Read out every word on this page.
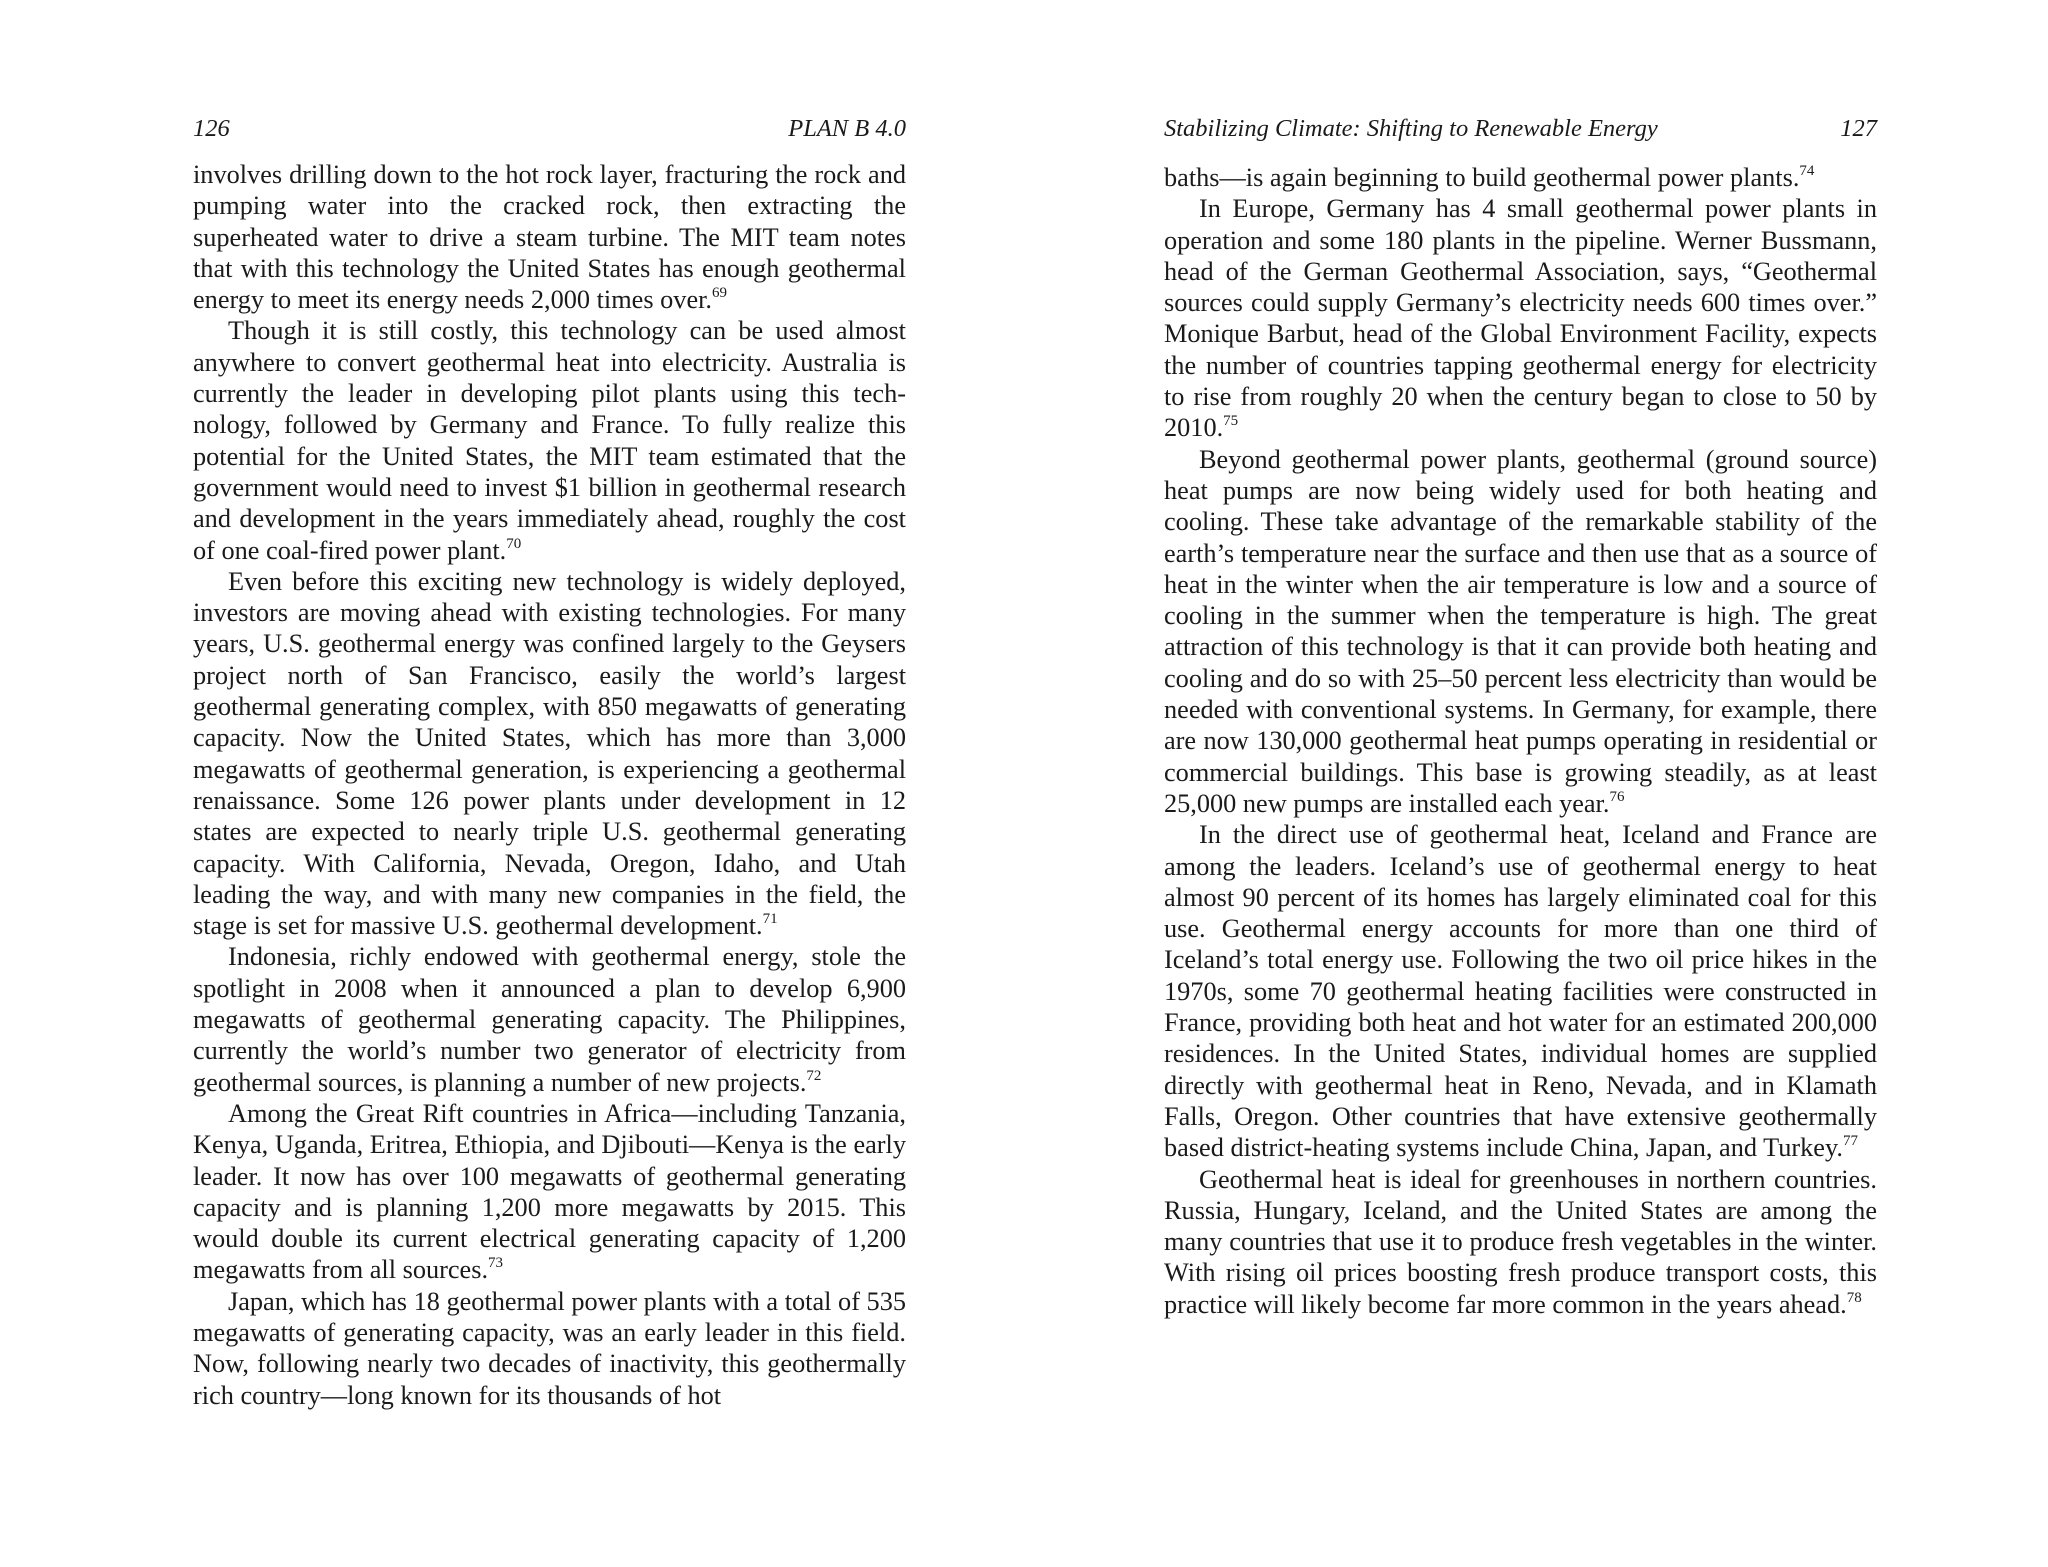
126	PLAN B 4.0

involves drilling down to the hot rock layer, fracturing the rock and pumping water into the cracked rock, then extracting the superheated water to drive a steam turbine. The MIT team notes that with this technology the United States has enough geothermal energy to meet its energy needs 2,000 times over.$^{69}$

Though it is still costly, this technology can be used almost anywhere to convert geothermal heat into electricity. Australia is currently the leader in developing pilot plants using this technology, followed by Germany and France. To fully realize this potential for the United States, the MIT team estimated that the government would need to invest $1 billion in geothermal research and development in the years immediately ahead, roughly the cost of one coal-fired power plant.$^{70}$

Even before this exciting new technology is widely deployed, investors are moving ahead with existing technologies. For many years, U.S. geothermal energy was confined largely to the Geysers project north of San Francisco, easily the world’s largest geothermal generating complex, with 850 megawatts of generating capacity. Now the United States, which has more than 3,000 megawatts of geothermal generation, is experiencing a geothermal renaissance. Some 126 power plants under development in 12 states are expected to nearly triple U.S. geothermal generating capacity. With California, Nevada, Oregon, Idaho, and Utah leading the way, and with many new companies in the field, the stage is set for massive U.S. geothermal development.$^{71}$

Indonesia, richly endowed with geothermal energy, stole the spotlight in 2008 when it announced a plan to develop 6,900 megawatts of geothermal generating capacity. The Philippines, currently the world’s number two generator of electricity from geothermal sources, is planning a number of new projects.$^{72}$

Among the Great Rift countries in Africa—including Tanzania, Kenya, Uganda, Eritrea, Ethiopia, and Djibouti—Kenya is the early leader. It now has over 100 megawatts of geothermal generating capacity and is planning 1,200 more megawatts by 2015. This would double its current electrical generating capacity of 1,200 megawatts from all sources.$^{73}$

Japan, which has 18 geothermal power plants with a total of 535 megawatts of generating capacity, was an early leader in this field. Now, following nearly two decades of inactivity, this geothermally rich country—long known for its thousands of hot

Stabilizing Climate: Shifting to Renewable Energy	127

baths—is again beginning to build geothermal power plants.$^{74}$

In Europe, Germany has 4 small geothermal power plants in operation and some 180 plants in the pipeline. Werner Bussmann, head of the German Geothermal Association, says, “Geothermal sources could supply Germany’s electricity needs 600 times over.” Monique Barbut, head of the Global Environment Facility, expects the number of countries tapping geothermal energy for electricity to rise from roughly 20 when the century began to close to 50 by 2010.75

Beyond geothermal power plants, geothermal (ground source) heat pumps are now being widely used for both heating and cooling. These take advantage of the remarkable stability of the earth’s temperature near the surface and then use that as a source of heat in the winter when the air temperature is low and a source of cooling in the summer when the temperature is high. The great attraction of this technology is that it can provide both heating and cooling and do so with 25–50 percent less electricity than would be needed with conventional systems. In Germany, for example, there are now 130,000 geothermal heat pumps operating in residential or commercial buildings. This base is growing steadily, as at least 25,000 new pumps are installed each year.$^{76}$

In the direct use of geothermal heat, Iceland and France are among the leaders. Iceland’s use of geothermal energy to heat almost 90 percent of its homes has largely eliminated coal for this use. Geothermal energy accounts for more than one third of Iceland’s total energy use. Following the two oil price hikes in the 1970s, some 70 geothermal heating facilities were constructed in France, providing both heat and hot water for an estimated 200,000 residences. In the United States, individual homes are supplied directly with geothermal heat in Reno, Nevada, and in Klamath Falls, Oregon. Other countries that have extensive geothermally based district-heating systems include China, Japan, and Turkey.$^{77}$

Geothermal heat is ideal for greenhouses in northern countries. Russia, Hungary, Iceland, and the United States are among the many countries that use it to produce fresh vegetables in the winter. With rising oil prices boosting fresh produce transport costs, this practice will likely become far more common in the years ahead.$^{78}$
